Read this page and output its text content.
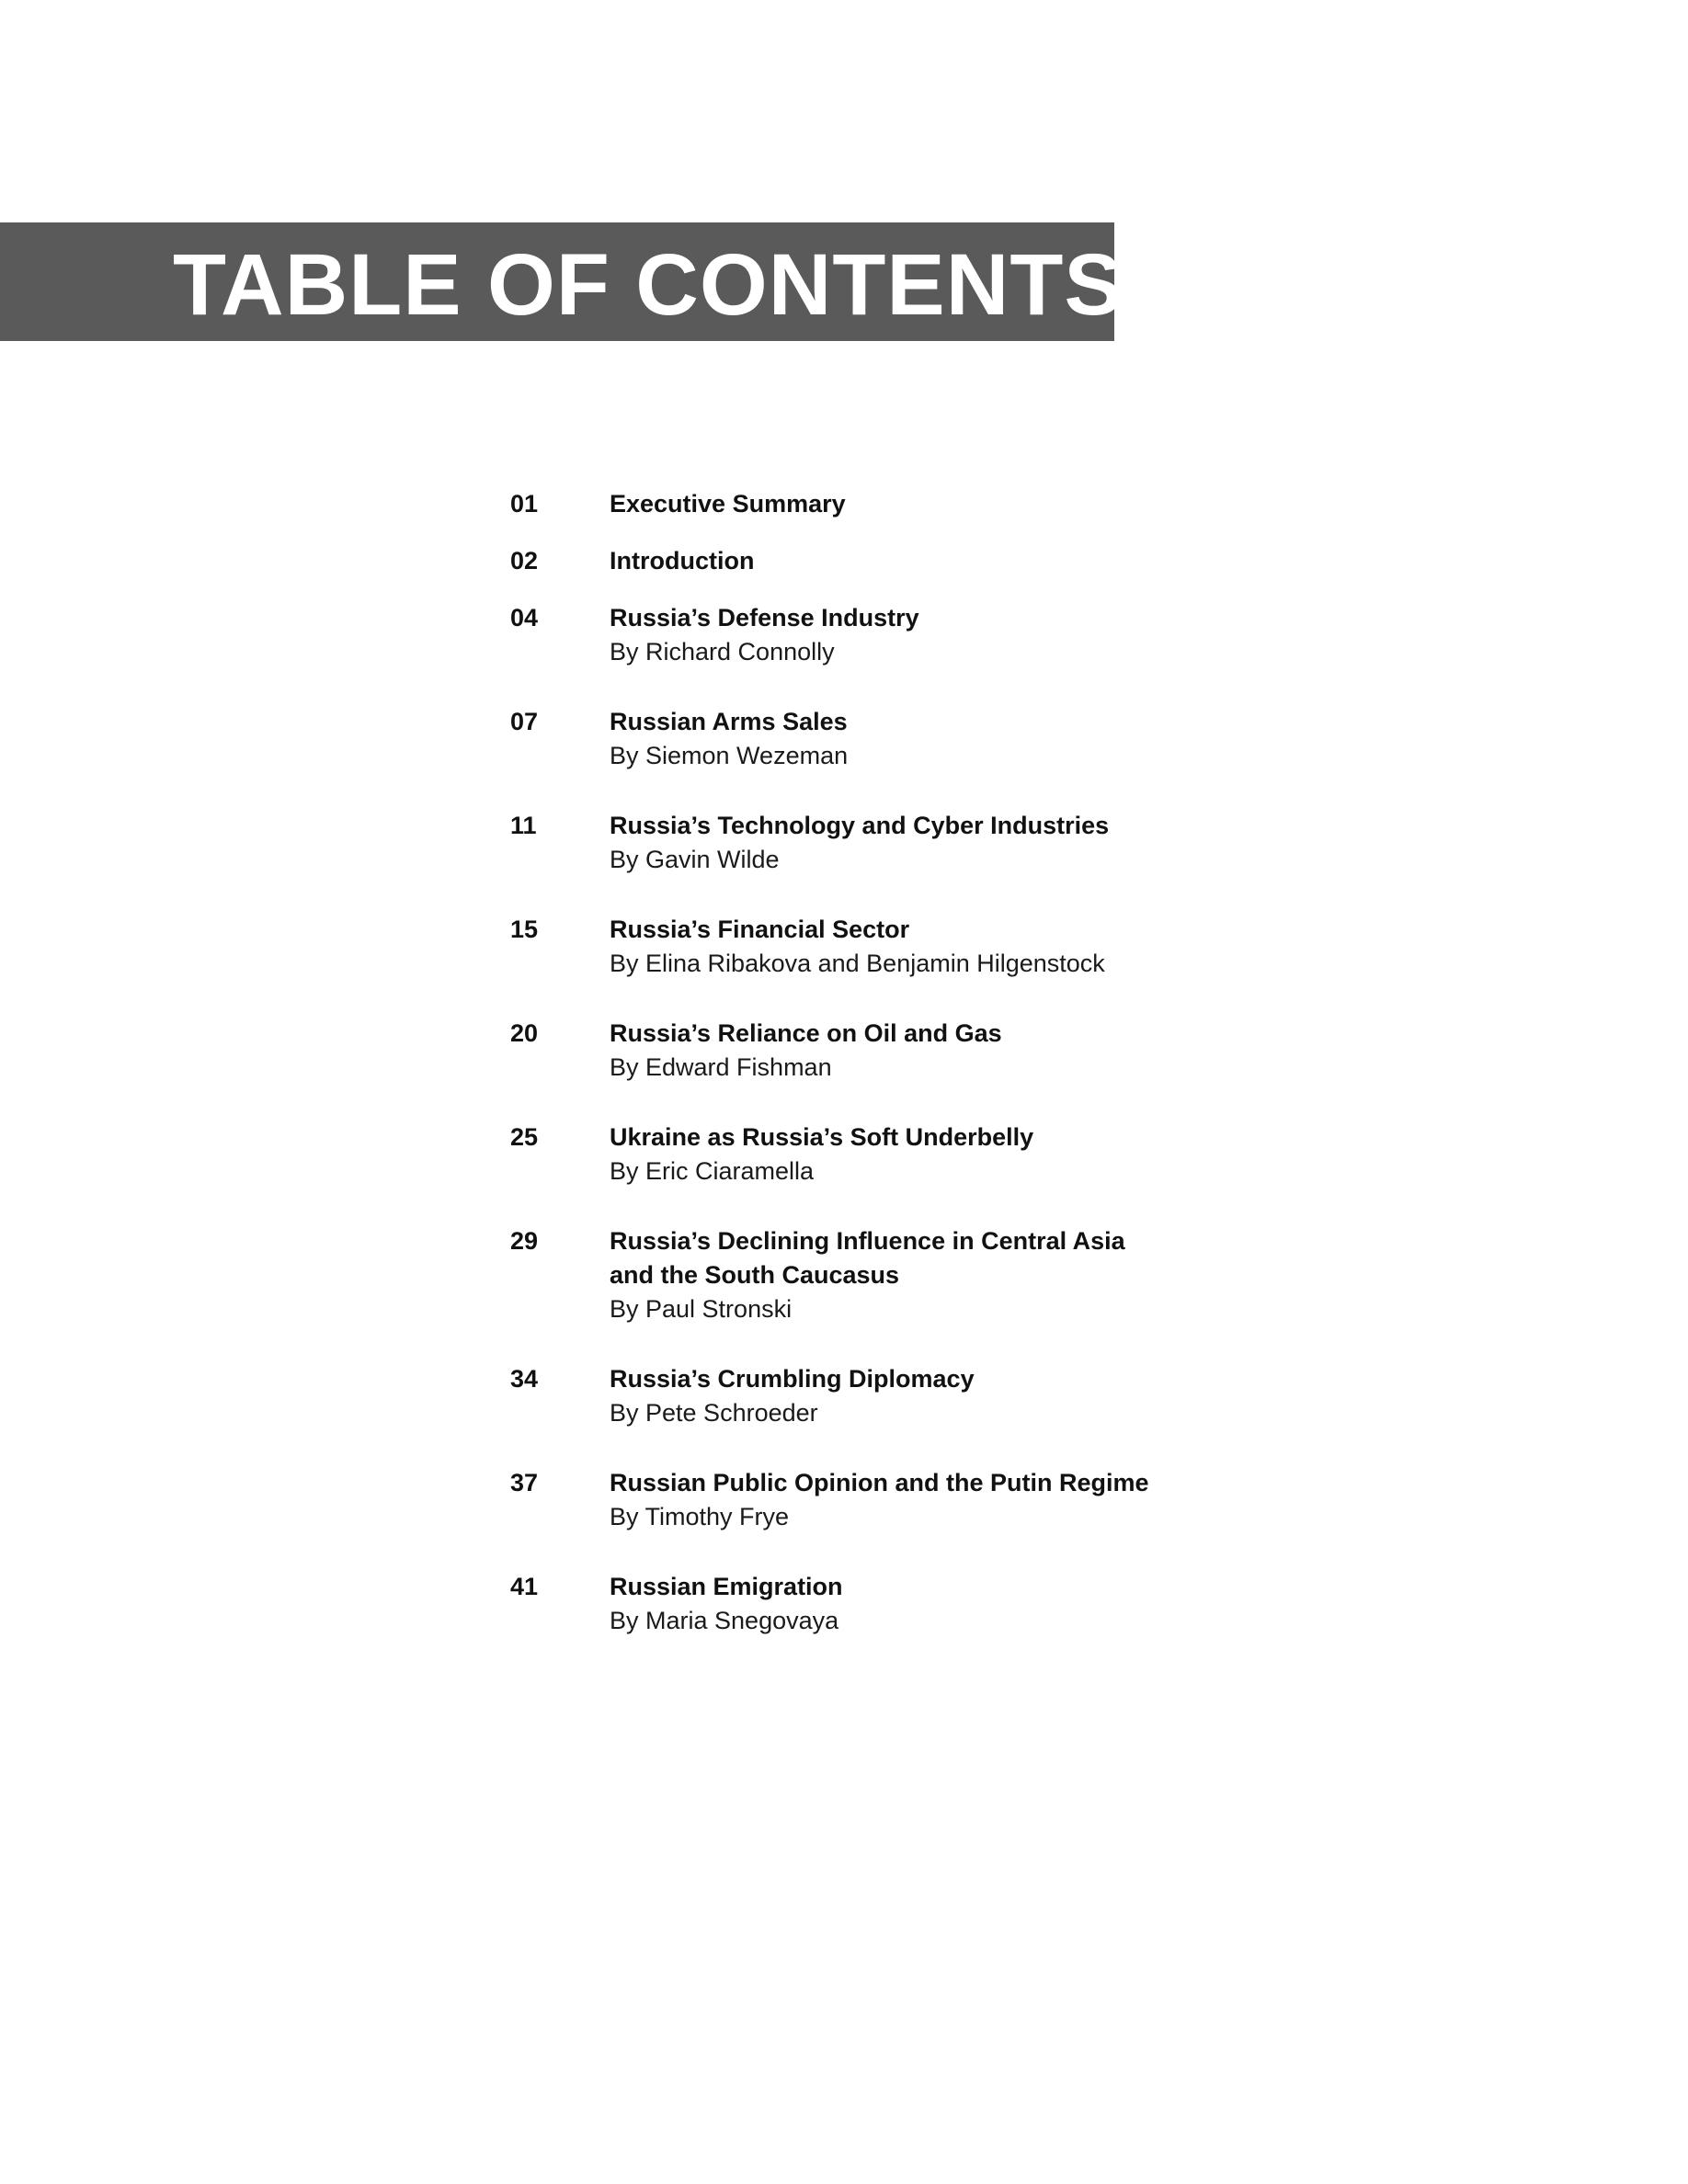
TABLE OF CONTENTS
01	Executive Summary
02	Introduction
04	Russia’s Defense Industry
By Richard Connolly
07	Russian Arms Sales
By Siemon Wezeman
11	Russia’s Technology and Cyber Industries
By Gavin Wilde
15	Russia’s Financial Sector
By Elina Ribakova and Benjamin Hilgenstock
20	Russia’s Reliance on Oil and Gas
By Edward Fishman
25	Ukraine as Russia’s Soft Underbelly
By Eric Ciaramella
29	Russia’s Declining Influence in Central Asia
and the South Caucasus
By Paul Stronski
34	Russia’s Crumbling Diplomacy
By Pete Schroeder
37	Russian Public Opinion and the Putin Regime
By Timothy Frye
41	Russian Emigration
By Maria Snegovaya
